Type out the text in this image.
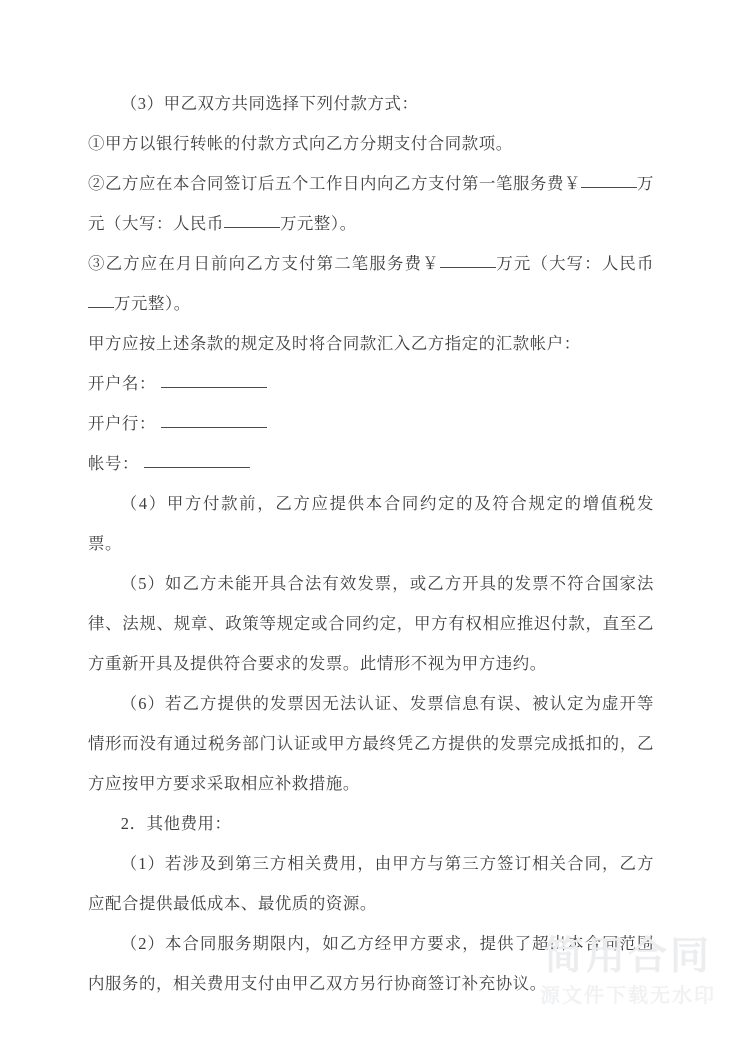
（3）甲乙双方共同选择下列付款方式：

①甲方以银行转帐的付款方式向乙方分期支付合同款项。

②乙方应在本合同签订后五个工作日内向乙方支付第一笔服务费￥	万元（大写：人民币	万元整）。

③乙方应在月日前向乙方支付第二笔服务费￥	万元（大写：人民币万元整）。

甲方应按上述条款的规定及时将合同款汇入乙方指定的汇款帐户：

开户名：

开户行：

帐号：

（4）甲方付款前，乙方应提供本合同约定的及符合规定的增值税发票。

（5）如乙方未能开具合法有效发票，或乙方开具的发票不符合国家法律、法规、规章、政策等规定或合同约定，甲方有权相应推迟付款，直至乙方重新开具及提供符合要求的发票。此情形不视为甲方违约。

（6）若乙方提供的发票因无法认证、发票信息有误、被认定为虚开等情形而没有通过税务部门认证或甲方最终凭乙方提供的发票完成抵扣的，乙方应按甲方要求采取相应补救措施。

2．其他费用：

（1）若涉及到第三方相关费用，由甲方与第三方签订相关合同，乙方应配合提供最低成本、最优质的资源。

（2）本合同服务期限内，如乙方经甲方要求，提供了超出本合同范围内服务的，相关费用支付由甲乙双方另行协商签订补充协议。

简用合同
源文件下载无水印
